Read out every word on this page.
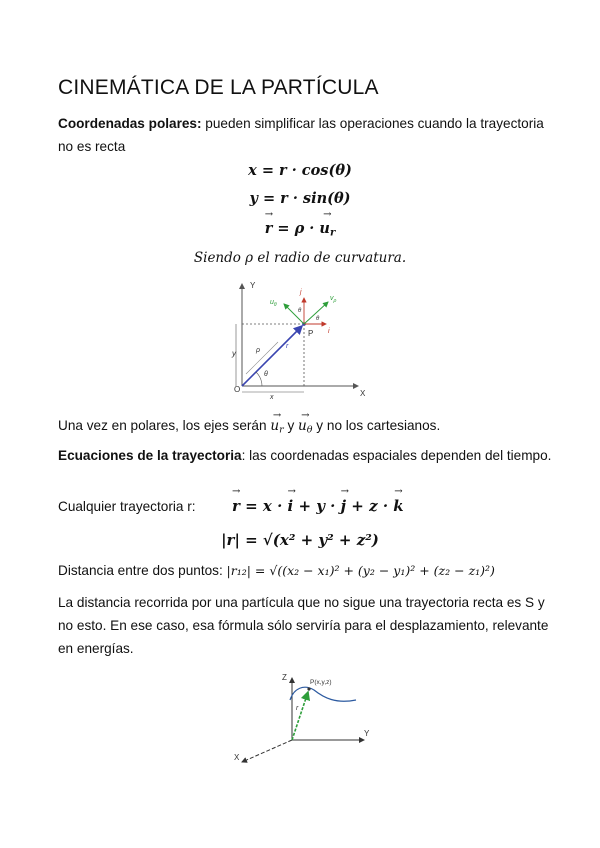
CINEMÁTICA DE LA PARTÍCULA
Coordenadas polares: pueden simplificar las operaciones cuando la trayectoria no es recta
x = r · cos(θ)
y = r · sin(θ)
→ r = ρ · → $u_r$
Siendo ρ el radio de curvatura.
Y
X
O
y
x
ρ
r
θ
P
j
i
$u_\theta$
$v_\rho$
θ
θ
Una vez en polares, los ejes serán → $u_r$ $y \to u_\theta$ y no los cartesianos.
Ecuaciones de la trayectoria: las coordenadas espaciales dependen del tiempo.
Cualquier trayectoria r:
→ r = x · → i + y · → j + z · → k
|r| = √(x² + y² + z²)
Distancia entre dos puntos: |r₁₂| = √((x₂ − x₁)² + (y₂ − y₁)² + (z₂ − z₁)²)
La distancia recorrida por una partícula que no sigue una trayectoria recta es S y no esto. En ese caso, esa fórmula sólo serviría para el desplazamiento, relevante en energías.
Z
Y
X
P(x,y,z)
r
